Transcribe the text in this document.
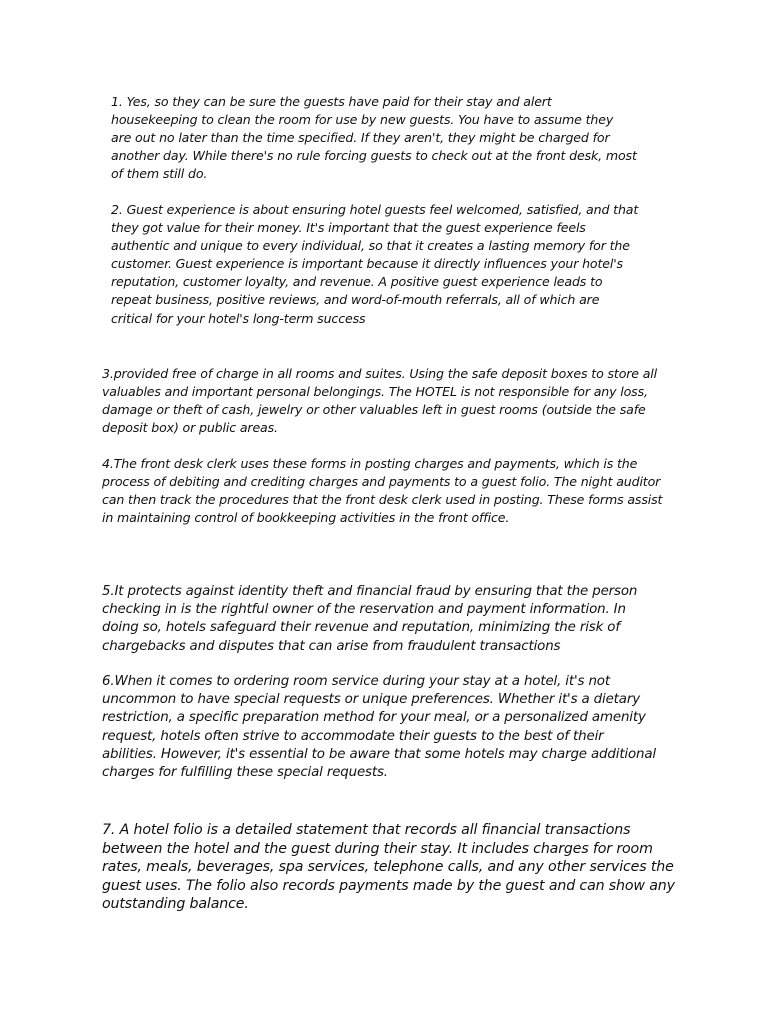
1. Yes, so they can be sure the guests have paid for their stay and alert
housekeeping to clean the room for use by new guests. You have to assume they
are out no later than the time specified. If they aren't, they might be charged for
another day. While there's no rule forcing guests to check out at the front desk, most
of them still do.

2. Guest experience is about ensuring hotel guests feel welcomed, satisfied, and that
they got value for their money. It's important that the guest experience feels
authentic and unique to every individual, so that it creates a lasting memory for the
customer. Guest experience is important because it directly influences your hotel's
reputation, customer loyalty, and revenue. A positive guest experience leads to
repeat business, positive reviews, and word-of-mouth referrals, all of which are
critical for your hotel's long-term success

3.provided free of charge in all rooms and suites. Using the safe deposit boxes to store all
valuables and important personal belongings. The HOTEL is not responsible for any loss,
damage or theft of cash, jewelry or other valuables left in guest rooms (outside the safe
deposit box) or public areas.

4.The front desk clerk uses these forms in posting charges and payments, which is the
process of debiting and crediting charges and payments to a guest folio. The night auditor
can then track the procedures that the front desk clerk used in posting. These forms assist
in maintaining control of bookkeeping activities in the front office.

5.It protects against identity theft and financial fraud by ensuring that the person
checking in is the rightful owner of the reservation and payment information. In
doing so, hotels safeguard their revenue and reputation, minimizing the risk of
chargebacks and disputes that can arise from fraudulent transactions

6.When it comes to ordering room service during your stay at a hotel, it's not
uncommon to have special requests or unique preferences. Whether it's a dietary
restriction, a specific preparation method for your meal, or a personalized amenity
request, hotels often strive to accommodate their guests to the best of their
abilities. However, it's essential to be aware that some hotels may charge additional
charges for fulfilling these special requests.

7. A hotel folio is a detailed statement that records all financial transactions
between the hotel and the guest during their stay. It includes charges for room
rates, meals, beverages, spa services, telephone calls, and any other services the
guest uses. The folio also records payments made by the guest and can show any
outstanding balance.
